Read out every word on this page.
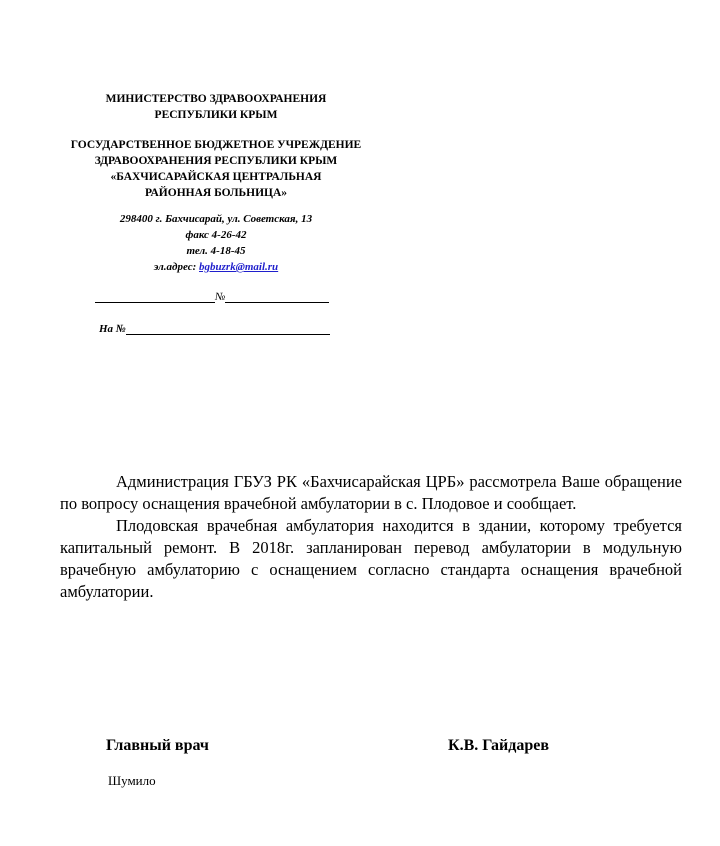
МИНИСТЕРСТВО ЗДРАВООХРАНЕНИЯ
РЕСПУБЛИКИ КРЫМ
ГОСУДАРСТВЕННОЕ БЮДЖЕТНОЕ УЧРЕЖДЕНИЕ
ЗДРАВООХРАНЕНИЯ РЕСПУБЛИКИ КРЫМ
«БАХЧИСАРАЙСКАЯ ЦЕНТРАЛЬНАЯ
РАЙОННАЯ БОЛЬНИЦА»
298400 г. Бахчисарай, ул. Советская, 13
факс 4-26-42
тел. 4-18-45
эл.адрес: bgbuzrk@mail.ru
№
На №

Администрация ГБУЗ РК «Бахчисарайская ЦРБ» рассмотрела Ваше обращение по вопросу оснащения врачебной амбулатории в с. Плодовое и сообщает.

Плодовская врачебная амбулатория находится в здании, которому требуется капитальный ремонт. В 2018г. запланирован перевод амбулатории в модульную врачебную амбулаторию с оснащением согласно стандарта оснащения врачебной амбулатории.

Главный врач	К.В. Гайдарев
Шумило
